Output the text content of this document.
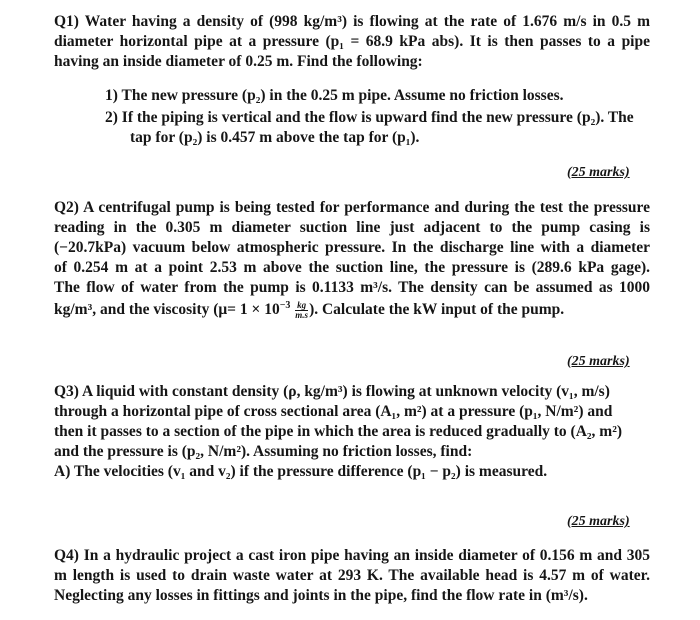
Q1) Water having a density of (998 kg/m³) is flowing at the rate of 1.676 m/s in 0.5 m
diameter horizontal pipe at a pressure (p₁ = 68.9 kPa abs). It is then passes to a pipe
having an inside diameter of 0.25 m. Find the following:
1) The new pressure (p₂) in the 0.25 m pipe. Assume no friction losses.
2) If the piping is vertical and the flow is upward find the new pressure (p₂). The
tap for (p₂) is 0.457 m above the tap for (p₁).
(25 marks)
Q2) A centrifugal pump is being tested for performance and during the test the pressure
reading in the 0.305 m diameter suction line just adjacent to the pump casing is
(−20.7kPa) vacuum below atmospheric pressure. In the discharge line with a diameter
of 0.254 m at a point 2.53 m above the suction line, the pressure is (289.6 kPa gage).
The flow of water from the pump is 0.1133 m³/s. The density can be assumed as 1000
kg/m³, and the viscosity ($\mu= 1 \times 10^{-3} \frac{kg}{m.s}$ ). Calculate the kW input of the pump.
(25 marks)
Q3) A liquid with constant density (ρ, kg/m³) is flowing at unknown velocity (v₁, m/s)
through a horizontal pipe of cross sectional area (A₁, m²) at a pressure (p₁, N/m²) and
then it passes to a section of the pipe in which the area is reduced gradually to (A₂, m²)
and the pressure is (p₂, N/m²). Assuming no friction losses, find:
A) The velocities (v₁ and v₂) if the pressure difference (p₁ − p₂) is measured.
(25 marks)
Q4) In a hydraulic project a cast iron pipe having an inside diameter of 0.156 m and 305
m length is used to drain waste water at 293 K. The available head is 4.57 m of water.
Neglecting any losses in fittings and joints in the pipe, find the flow rate in (m³/s).
